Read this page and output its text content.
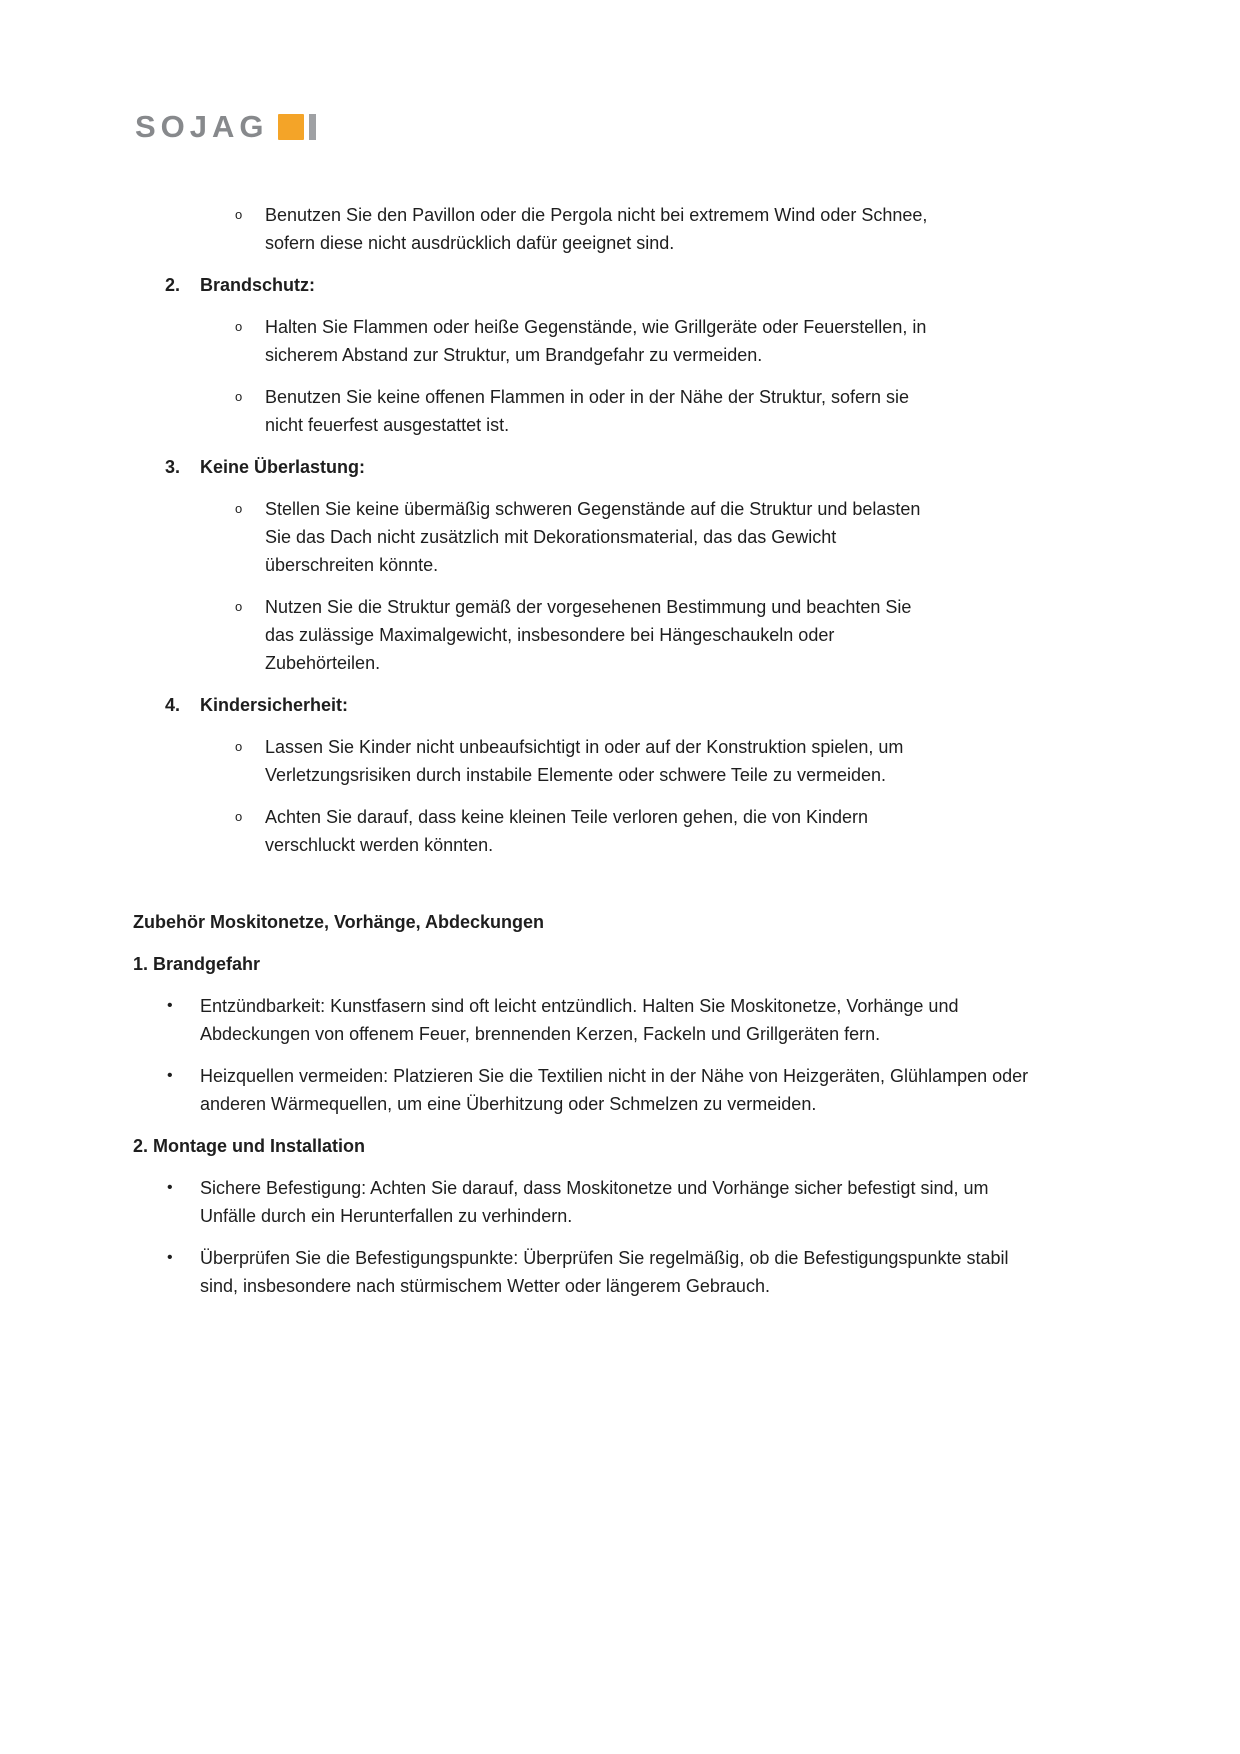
SOJAG
o	Benutzen Sie den Pavillon oder die Pergola nicht bei extremem Wind oder Schnee, sofern diese nicht ausdrücklich dafür geeignet sind.

2.	Brandschutz:
o	Halten Sie Flammen oder heiße Gegenstände, wie Grillgeräte oder Feuerstellen, in sicherem Abstand zur Struktur, um Brandgefahr zu vermeiden.

o	Benutzen Sie keine offenen Flammen in oder in der Nähe der Struktur, sofern sie nicht feuerfest ausgestattet ist.

3.	Keine Überlastung:
o	Stellen Sie keine übermäßig schweren Gegenstände auf die Struktur und belasten Sie das Dach nicht zusätzlich mit Dekorationsmaterial, das das Gewicht überschreiten könnte.

o	Nutzen Sie die Struktur gemäß der vorgesehenen Bestimmung und beachten Sie das zulässige Maximalgewicht, insbesondere bei Hängeschaukeln oder Zubehörteilen.

4.	Kindersicherheit:
o	Lassen Sie Kinder nicht unbeaufsichtigt in oder auf der Konstruktion spielen, um Verletzungsrisiken durch instabile Elemente oder schwere Teile zu vermeiden.

o	Achten Sie darauf, dass keine kleinen Teile verloren gehen, die von Kindern verschluckt werden könnten.

Zubehör Moskitonetze, Vorhänge, Abdeckungen
1. Brandgefahr
•	Entzündbarkeit: Kunstfasern sind oft leicht entzündlich. Halten Sie Moskitonetze, Vorhänge und Abdeckungen von offenem Feuer, brennenden Kerzen, Fackeln und Grillgeräten fern.

•	Heizquellen vermeiden: Platzieren Sie die Textilien nicht in der Nähe von Heizgeräten, Glühlampen oder anderen Wärmequellen, um eine Überhitzung oder Schmelzen zu vermeiden.

2. Montage und Installation
•	Sichere Befestigung: Achten Sie darauf, dass Moskitonetze und Vorhänge sicher befestigt sind, um Unfälle durch ein Herunterfallen zu verhindern.

•	Überprüfen Sie die Befestigungspunkte: Überprüfen Sie regelmäßig, ob die Befestigungspunkte stabil sind, insbesondere nach stürmischem Wetter oder längerem Gebrauch.
